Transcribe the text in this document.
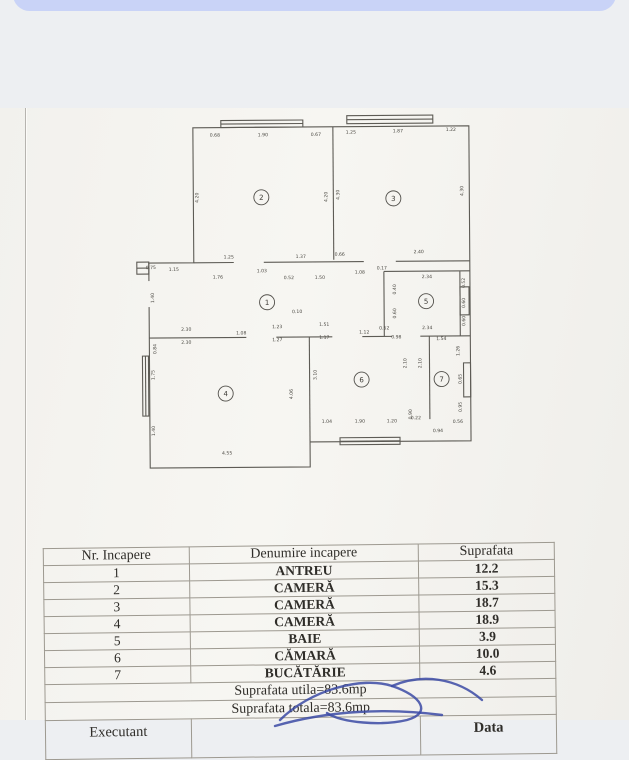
1
2	3
4
5
6	7
0.68	1.90	0.67	1.25	1.87	1.22
4.20	4.20 4.30	4.30
1.25	1.37	0.66
2.40
1.15
0.75
1.76
1.03
0.52	1.50
1.08
0.17
2.34
0.40
0.60
0.52
0.60
0.60
0.10
1.40
2.30
1.08
1.23	1.51
1.12
0.52	2.34
2.30
1.27	1.17	0.98	1.54
0.84
1.75
1.40
4.55
4.06
3.10
2.10 2.10
1.04	1.90	1.20
0.22
0.90
0.94
0.56
1.26
0.65
0.95
Nr. Incapere	Denumire incapere	Suprafata
1	ANTREU	12.2
2	CAMERĂ	15.3
3	CAMERĂ	18.7
4	CAMERĂ	18.9
5	BAIE	3.9
6	CĂMARĂ	10.0
7	BUCĂTĂRIE	4.6
Suprafata utila=83.6mp		
Suprafata totala=83.6mp		
Executant		Data
